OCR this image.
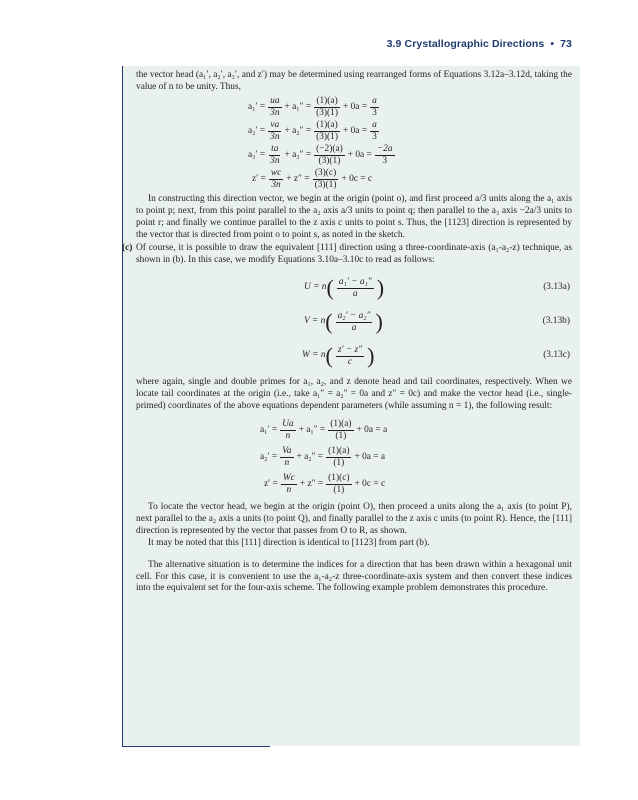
3.9 Crystallographic Directions • 73

the vector head (a₁′, a₂′, a₃′, and z′) may be determined using rearranged forms of Equations 3.12a–3.12d, taking the value of n to be unity. Thus,

$a_1' = \frac{ua}{3n} + a_1'' = \frac{(1)(a)}{(3)(1)} + 0a = \frac{a}{3}$
$a_2' = \frac{va}{3n} + a_2'' = \frac{(1)(a)}{(3)(1)} + 0a = \frac{a}{3}$
$a_3' = \frac{ta}{3n} + a_3'' = \frac{(-2)(a)}{(3)(1)} + 0a = \frac{-2a}{3}$
$z' = \frac{wc}{3n} + z'' = \frac{(3)(c)}{(3)(1)} + 0c = c$

In constructing this direction vector, we begin at the origin (point o), and first proceed a/3 units along the a₁ axis to point p; next, from this point parallel to the a₂ axis a/3 units to point q; then parallel to the a₃ axis −2a/3 units to point r; and finally we continue parallel to the z axis c units to point s. Thus, the [1123] direction is represented by the vector that is directed from point o to point s, as noted in the sketch.

(c) Of course, it is possible to draw the equivalent [111] direction using a three-coordinate-axis (a₁-a₂-z) technique, as shown in (b). In this case, we modify Equations 3.10a–3.10c to read as follows:

U = n ( $\frac{\text{a₁′ − a₁″}}{a}$ )	(3.13a)
V = n ( $\frac{\text{a₂′ − a₂″}}{a}$ )	(3.13b)
W = n ( $\frac{z' - z''}{c}$ )	(3.13c)

where again, single and double primes for a₁, a₂, and z denote head and tail coordinates, respectively. When we locate tail coordinates at the origin (i.e., take a₁″ = a₂″ = 0a and z″ = 0c) and make the vector head (i.e., single-primed) coordinates of the above equations dependent parameters (while assuming n = 1), the following result:

$a_1' = \frac{Ua}{n} + a_1'' = \frac{(1)(a)}{(1)} + 0a = a$
$a_2' = \frac{Va}{n} + a_2'' = \frac{(1)(a)}{(1)} + 0a = a$
$z' = \frac{Wc}{n} + z'' = \frac{(1)(c)}{(1)} + 0c = c$

To locate the vector head, we begin at the origin (point O), then proceed a units along the a₁ axis (to point P), next parallel to the a₂ axis a units (to point Q), and finally parallel to the z axis c units (to point R). Hence, the [111] direction is represented by the vector that passes from O to R, as shown.

It may be noted that this [111] direction is identical to [1123] from part (b).

The alternative situation is to determine the indices for a direction that has been drawn within a hexagonal unit cell. For this case, it is convenient to use the a₁-a₂-z three-coordinate-axis system and then convert these indices into the equivalent set for the four-axis scheme. The following example problem demonstrates this procedure.
